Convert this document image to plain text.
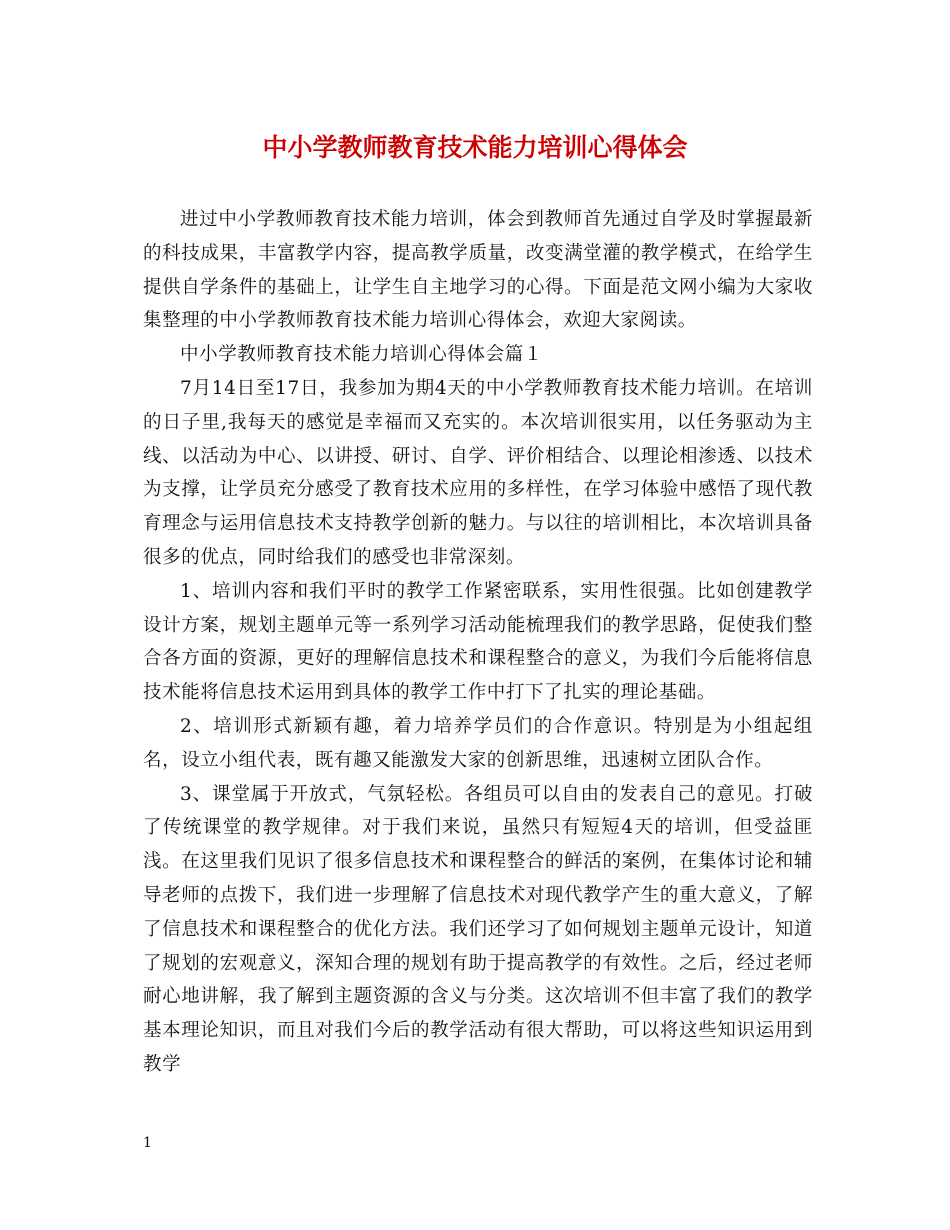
中小学教师教育技术能力培训心得体会

进过中小学教师教育技术能力培训，体会到教师首先通过自学及时掌握最新的科技成果，丰富教学内容，提高教学质量，改变满堂灌的教学模式，在给学生提供自学条件的基础上，让学生自主地学习的心得。下面是范文网小编为大家收集整理的中小学教师教育技术能力培训心得体会，欢迎大家阅读。

中小学教师教育技术能力培训心得体会篇１

7月14日至17日，我参加为期4天的中小学教师教育技术能力培训。在培训的日子里,我每天的感觉是幸福而又充实的。本次培训很实用，以任务驱动为主线、以活动为中心、以讲授、研讨、自学、评价相结合、以理论相渗透、以技术为支撑，让学员充分感受了教育技术应用的多样性，在学习体验中感悟了现代教育理念与运用信息技术支持教学创新的魅力。与以往的培训相比，本次培训具备很多的优点，同时给我们的感受也非常深刻。

1、培训内容和我们平时的教学工作紧密联系，实用性很强。比如创建教学设计方案，规划主题单元等一系列学习活动能梳理我们的教学思路，促使我们整合各方面的资源，更好的理解信息技术和课程整合的意义，为我们今后能将信息技术能将信息技术运用到具体的教学工作中打下了扎实的理论基础。

2、培训形式新颖有趣，着力培养学员们的合作意识。特别是为小组起组名，设立小组代表，既有趣又能激发大家的创新思维，迅速树立团队合作。

3、课堂属于开放式，气氛轻松。各组员可以自由的发表自己的意见。打破了传统课堂的教学规律。对于我们来说，虽然只有短短4天的培训，但受益匪浅。在这里我们见识了很多信息技术和课程整合的鲜活的案例，在集体讨论和辅导老师的点拨下，我们进一步理解了信息技术对现代教学产生的重大意义，了解了信息技术和课程整合的优化方法。我们还学习了如何规划主题单元设计，知道了规划的宏观意义，深知合理的规划有助于提高教学的有效性。之后，经过老师耐心地讲解，我了解到主题资源的含义与分类。这次培训不但丰富了我们的教学基本理论知识，而且对我们今后的教学活动有很大帮助，可以将这些知识运用到教学

1
